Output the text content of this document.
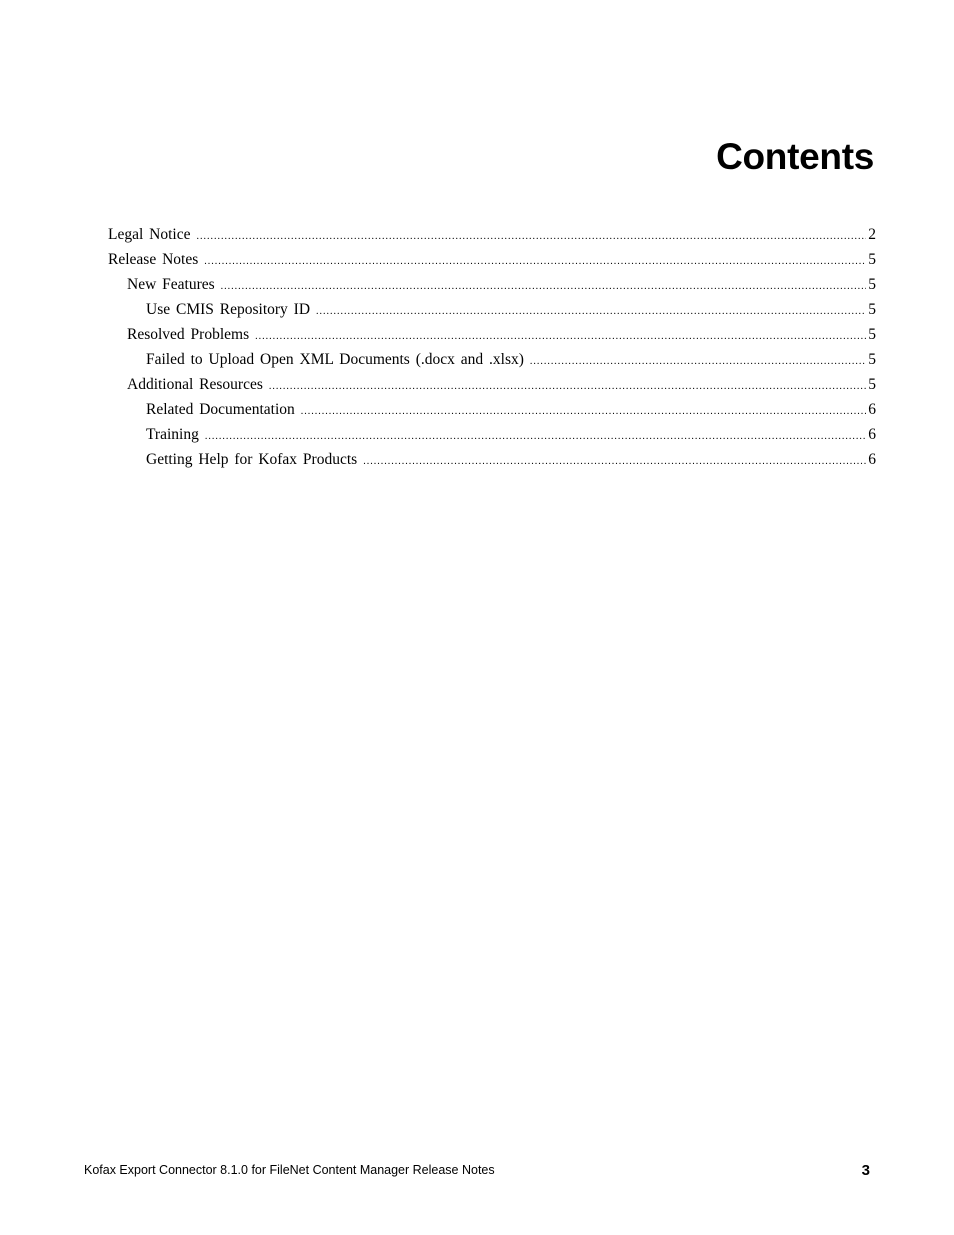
Contents
Legal Notice .....	2
Release Notes .....	5
New Features .....	5
Use CMIS Repository ID .....	5
Resolved Problems .....	5
Failed to Upload Open XML Documents (.docx and .xlsx) .....	5
Additional Resources .....	5
Related Documentation .....	6
Training .....	6
Getting Help for Kofax Products .....	6

Kofax Export Connector 8.1.0 for FileNet Content Manager Release Notes	3
